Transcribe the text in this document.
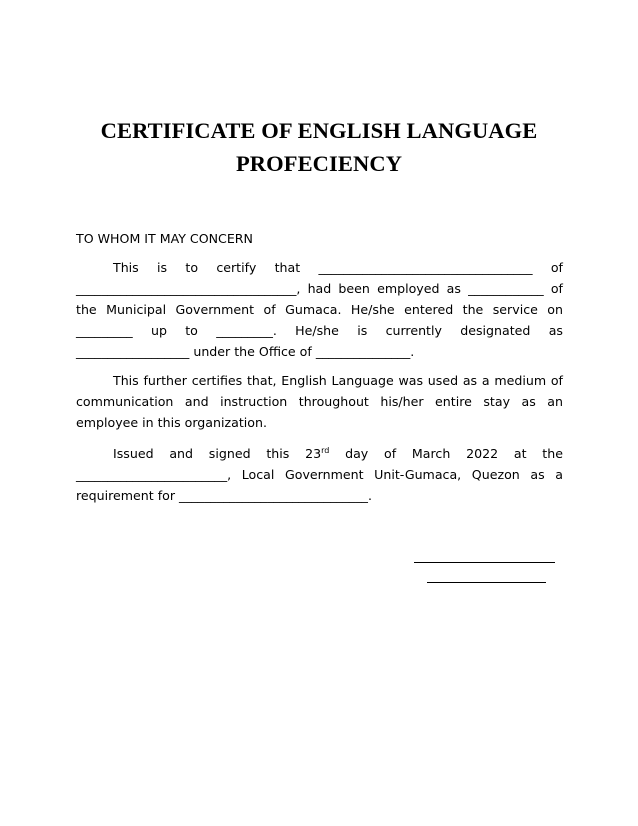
CERTIFICATE OF ENGLISH LANGUAGE
PROFECIENCY
TO WHOM IT MAY CONCERN
This is to certify that __________________________________ of ___________________________________, had been employed as ____________ of the Municipal Government of Gumaca. He/she entered the service on _________ up to _________. He/she is currently designated as __________________ under the Office of _______________.
This further certifies that, English Language was used as a medium of communication and instruction throughout his/her entire stay as an employee in this organization.
Issued and signed this 23rd day of March 2022 at the ________________________, Local Government Unit-Gumaca, Quezon as a requirement for ______________________________.
